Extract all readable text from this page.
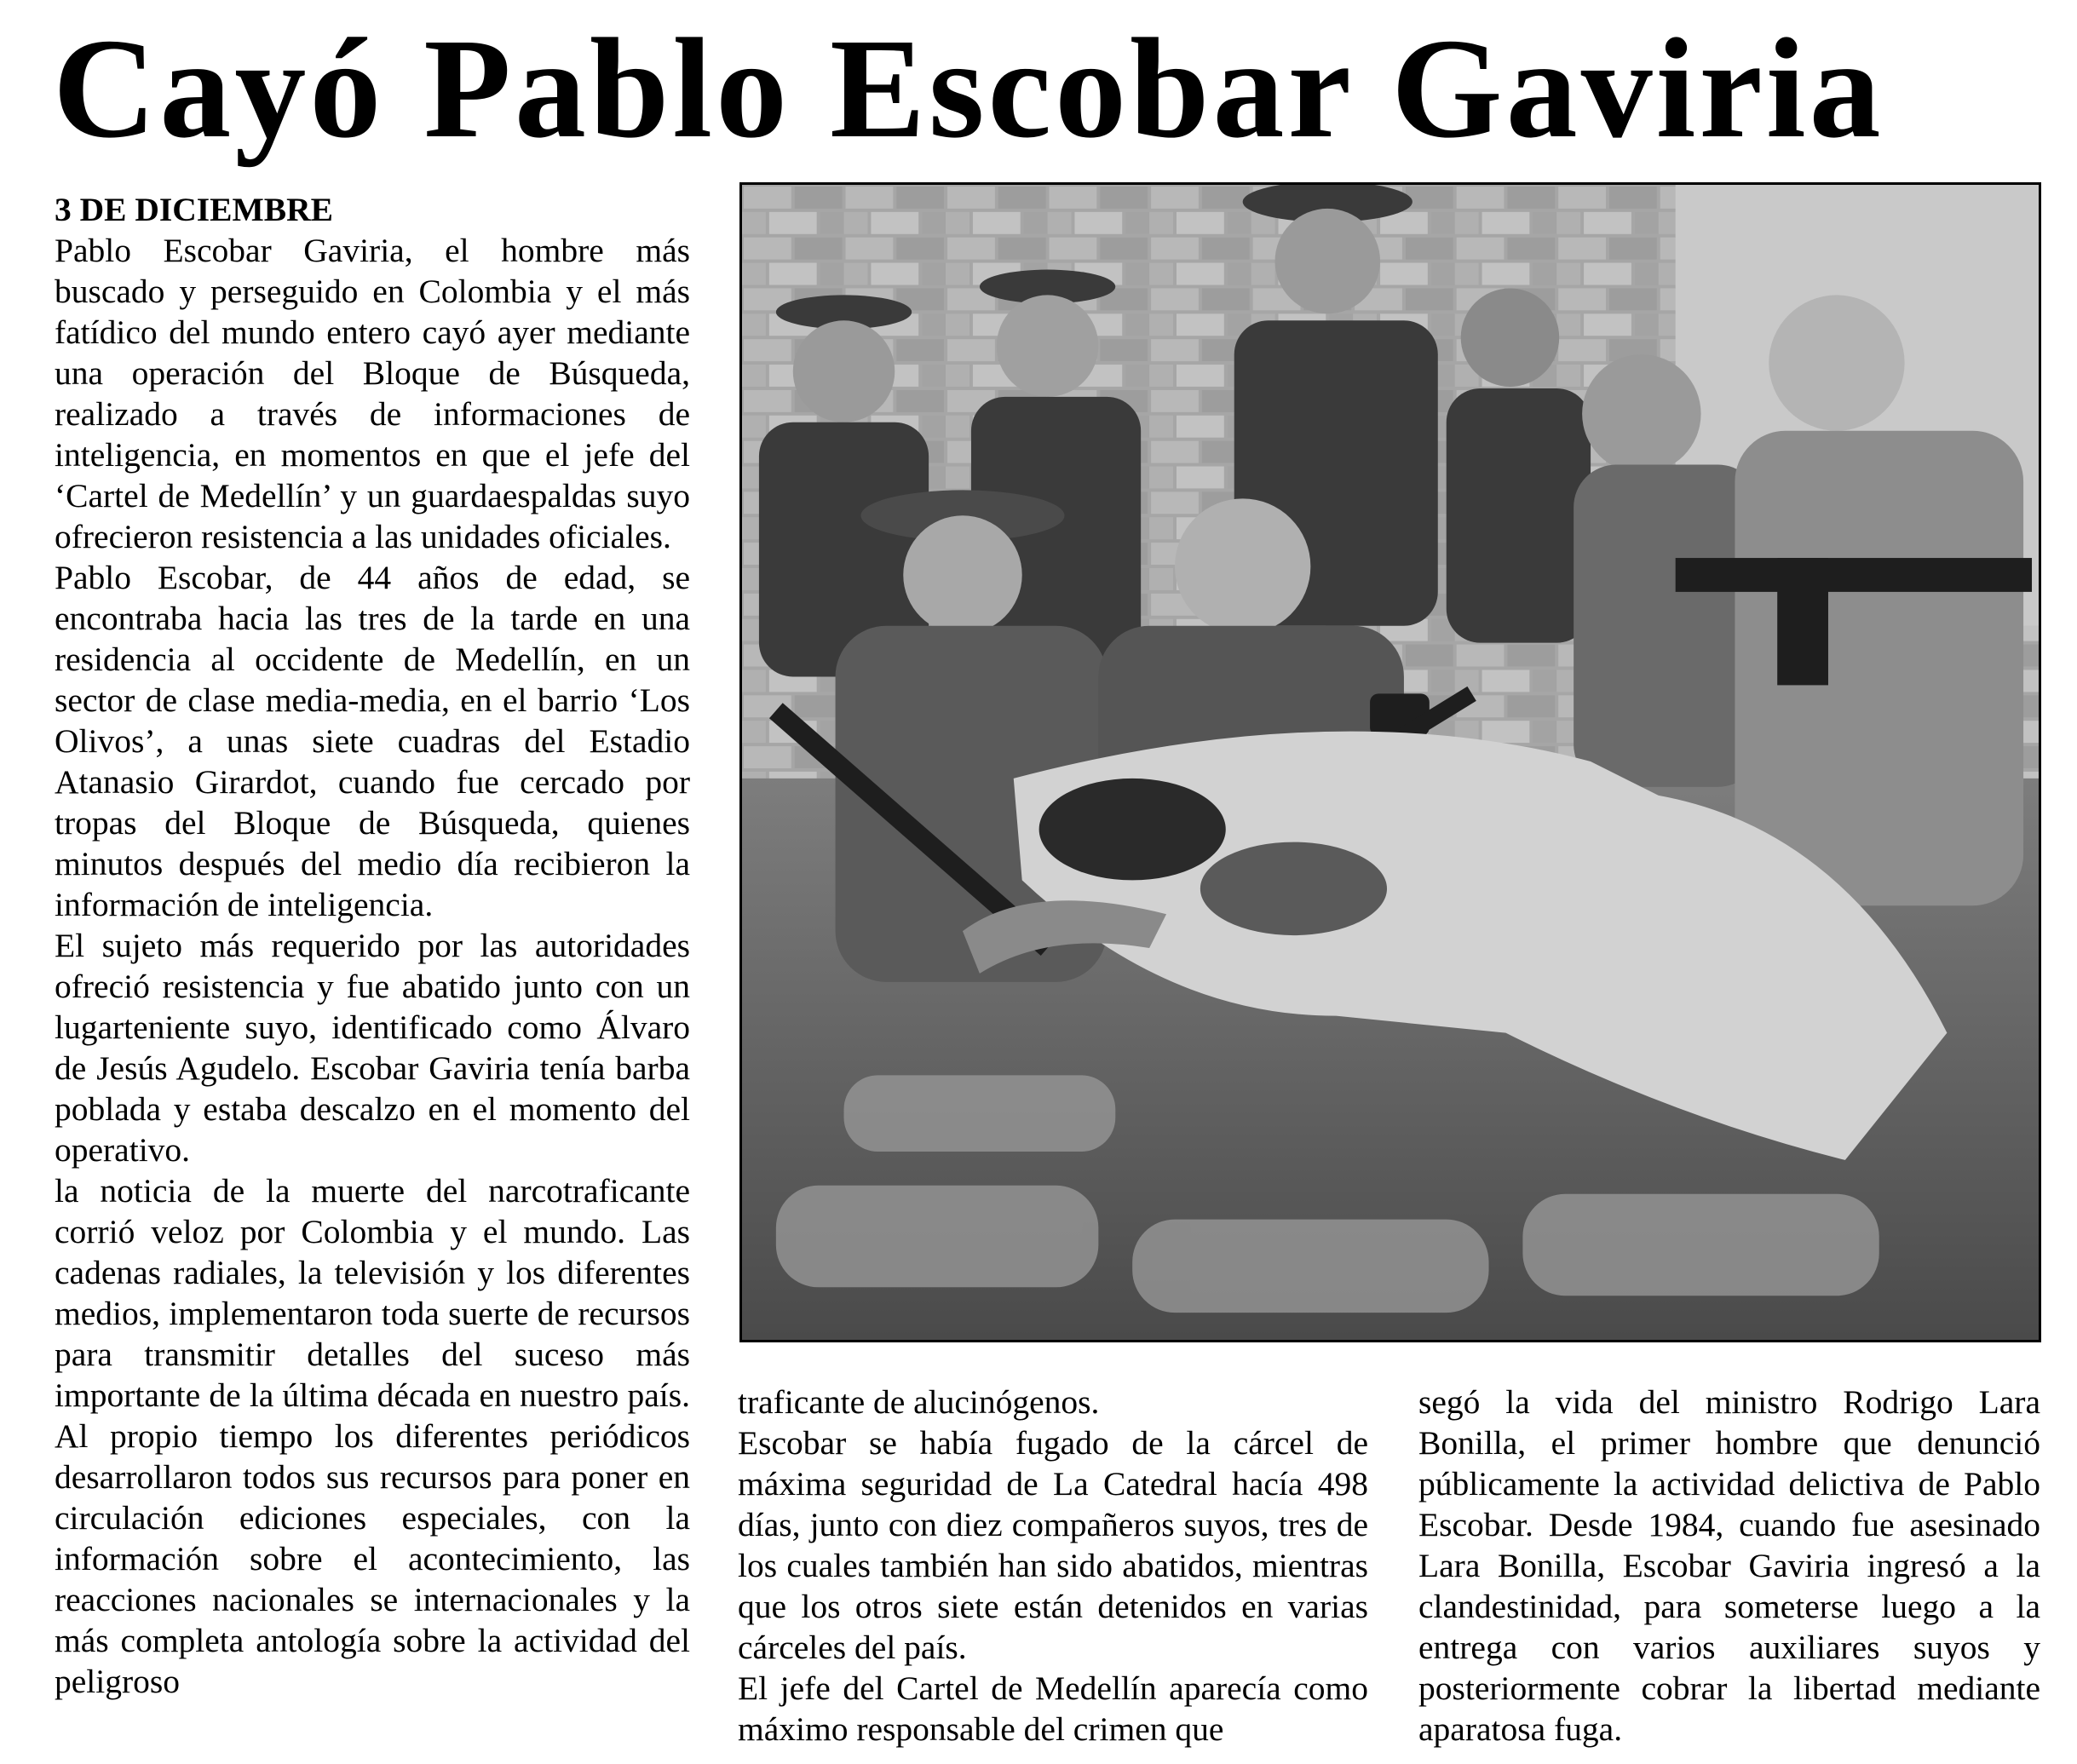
Cayó Pablo Escobar Gaviria

3 DE DICIEMBRE

Pablo Escobar Gaviria, el hombre más buscado y perseguido en Colombia y el más fatídico del mundo entero cayó ayer mediante una operación del Bloque de Búsqueda, realizado a través de informaciones de inteligencia, en momentos en que el jefe del ‘Cartel de Medellín’ y un guardaespaldas suyo ofrecieron resistencia a las unidades oficiales.

Pablo Escobar, de 44 años de edad, se encontraba hacia las tres de la tarde en una residencia al occidente de Medellín, en un sector de clase media-media, en el barrio ‘Los Olivos’, a unas siete cuadras del Estadio Atanasio Girardot, cuando fue cercado por tropas del Bloque de Búsqueda, quienes minutos después del medio día recibieron la información de inteligencia.

El sujeto más requerido por las autoridades ofreció resistencia y fue abatido junto con un lugarteniente suyo, identificado como Álvaro de Jesús Agudelo. Escobar Gaviria tenía barba poblada y estaba descalzo en el momento del operativo.

la noticia de la muerte del narcotraficante corrió veloz por Colombia y el mundo. Las cadenas radiales, la televisión y los diferentes medios, implementaron toda suerte de recursos para transmitir detalles del suceso más importante de la última década en nuestro país. Al propio tiempo los diferentes periódicos desarrollaron todos sus recursos para poner en circulación ediciones especiales, con la información sobre el acontecimiento, las reacciones nacionales se internacionales y la más completa antología sobre la actividad del peligroso

traficante de alucinógenos.

Escobar se había fugado de la cárcel de máxima seguridad de La Catedral hacía 498 días, junto con diez compañeros suyos, tres de los cuales también han sido abatidos, mientras que los otros siete están detenidos en varias cárceles del país.

El jefe del Cartel de Medellín aparecía como máximo responsable del crimen que

segó la vida del ministro Rodrigo Lara Bonilla, el primer hombre que denunció públicamente la actividad delictiva de Pablo Escobar. Desde 1984, cuando fue asesinado Lara Bonilla, Escobar Gaviria ingresó a la clandestinidad, para someterse luego a la entrega con varios auxiliares suyos y posteriormente cobrar la libertad mediante aparatosa fuga.
